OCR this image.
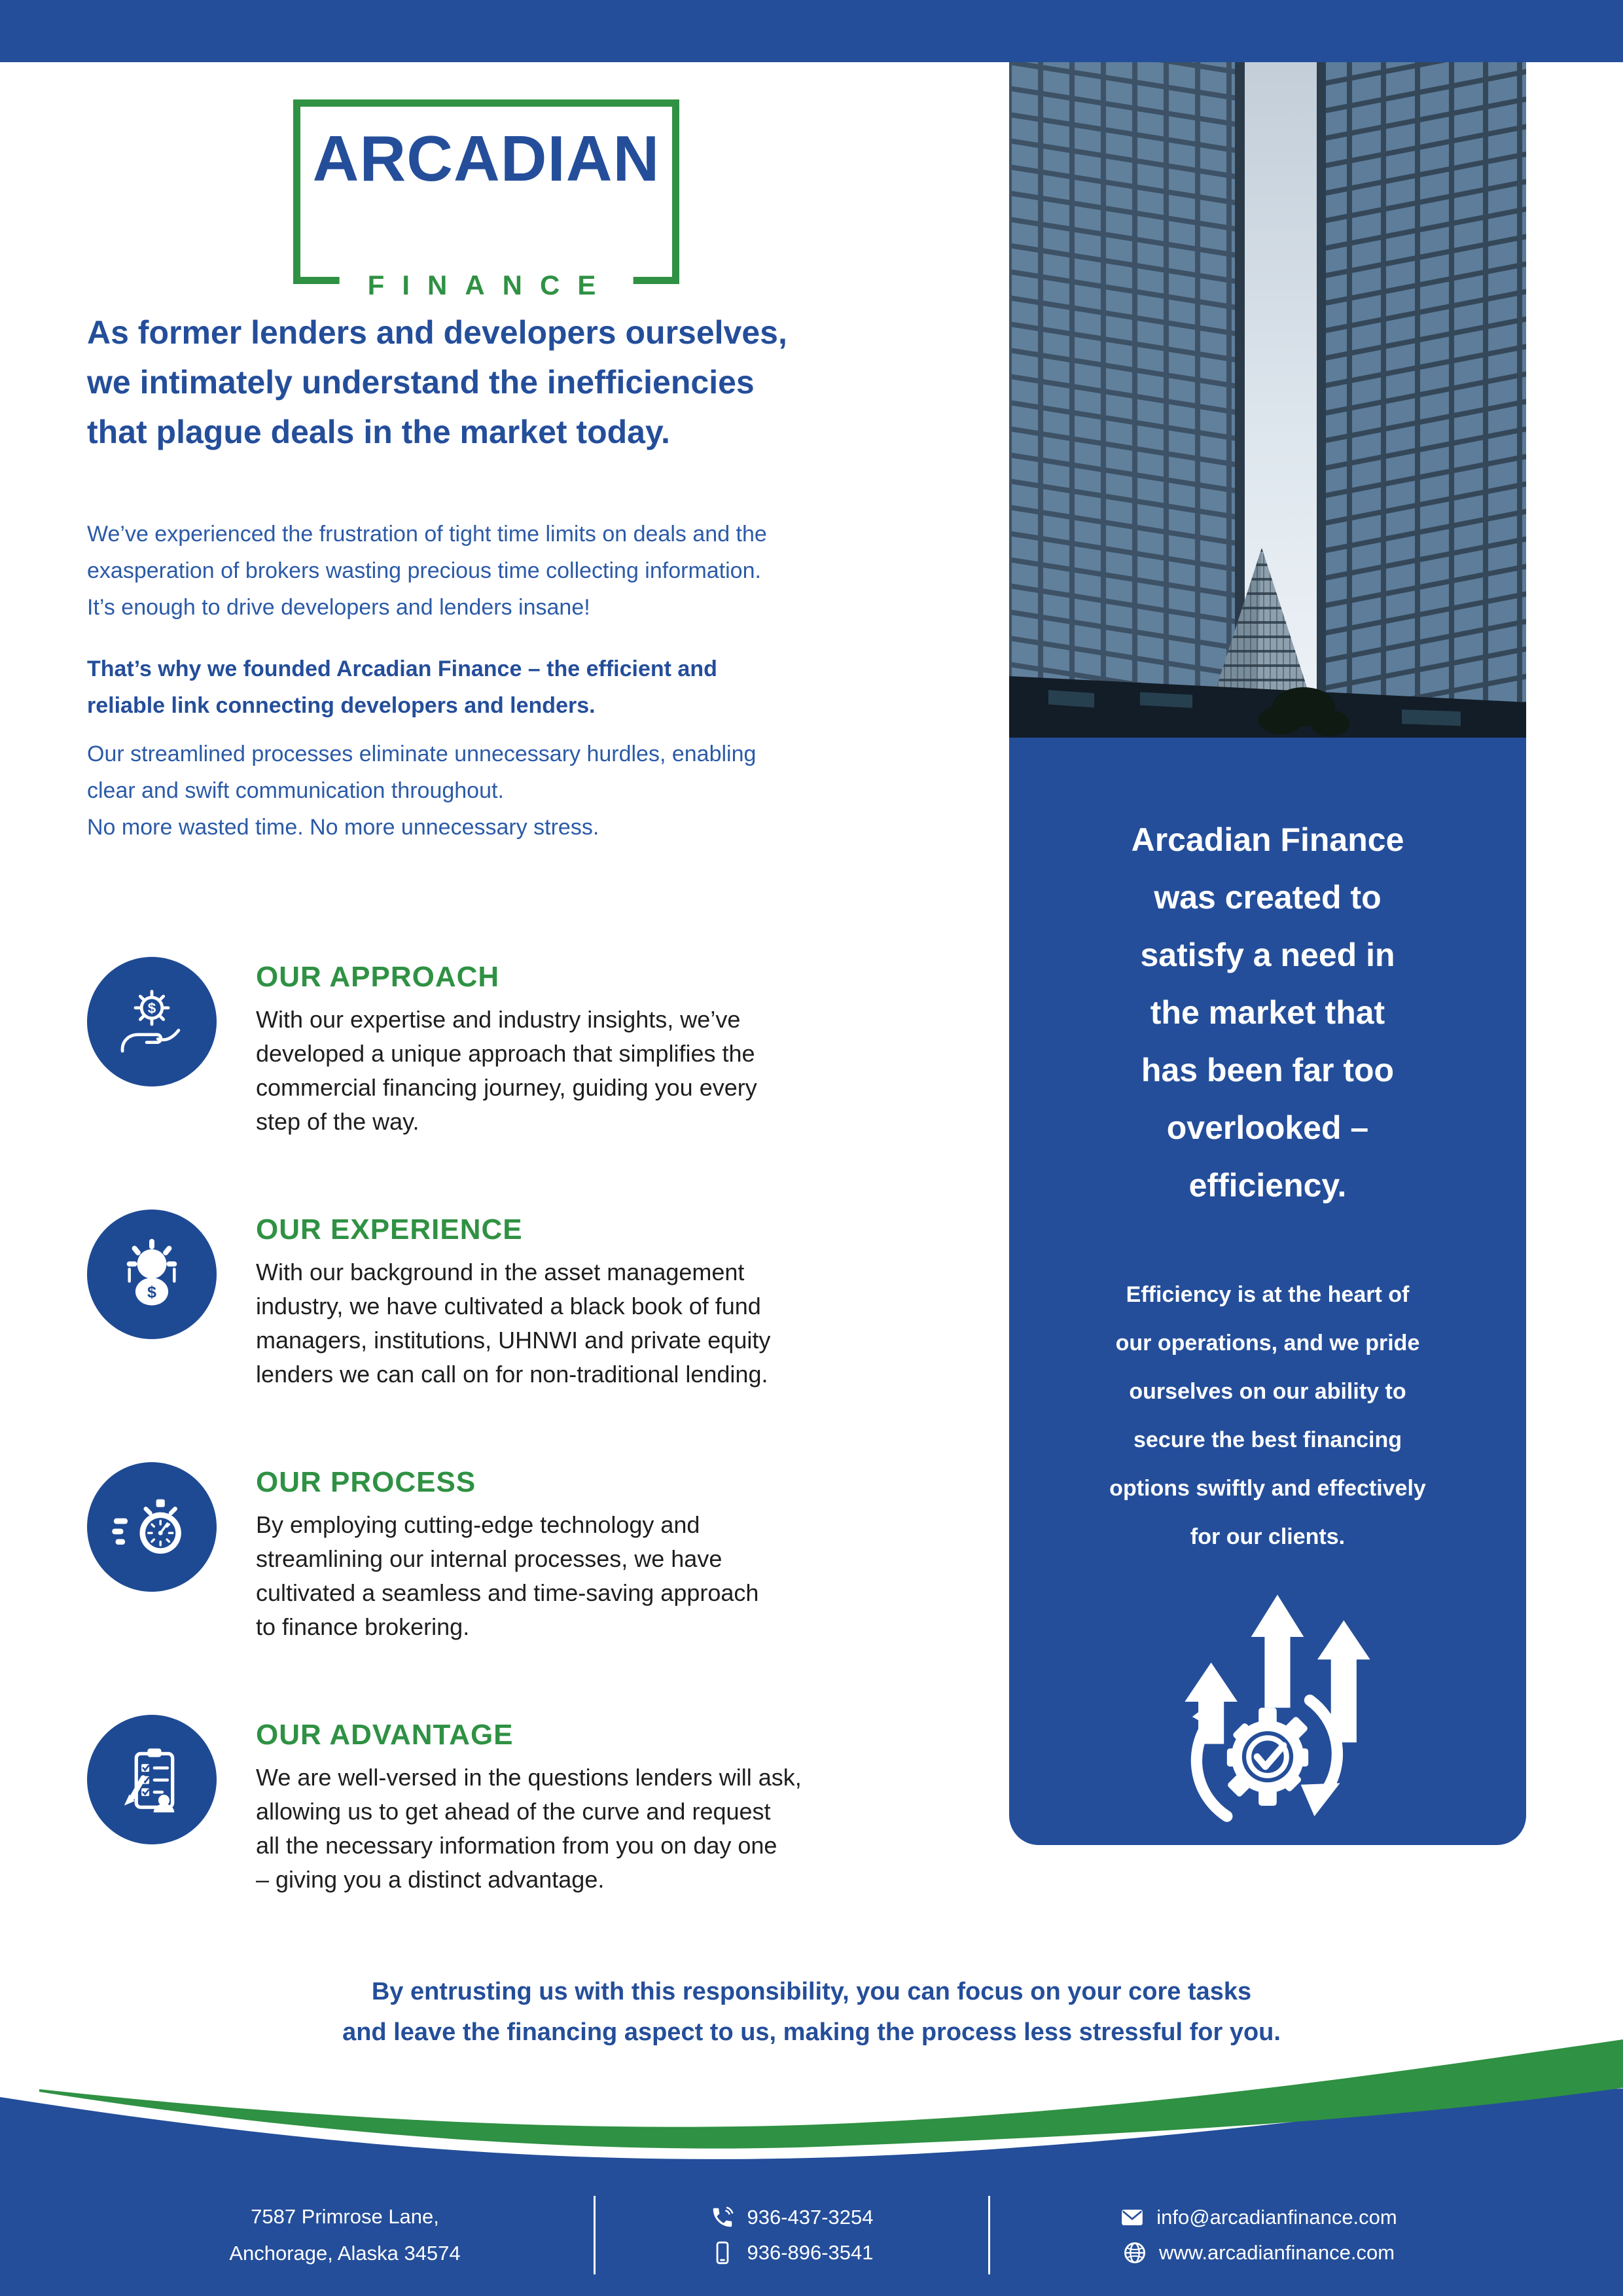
ARCADIAN
FINANCE
As former lenders and developers ourselves,
we intimately understand the inefficiencies
that plague deals in the market today.
We’ve experienced the frustration of tight time limits on deals and the
exasperation of brokers wasting precious time collecting information.
It’s enough to drive developers and lenders insane!
That’s why we founded Arcadian Finance – the efficient and
reliable link connecting developers and lenders.
Our streamlined processes eliminate unnecessary hurdles, enabling
clear and swift communication throughout.
No more wasted time. No more unnecessary stress.
$
OUR APPROACH
With our expertise and industry insights, we’ve
developed a unique approach that simplifies the
commercial financing journey, guiding you every
step of the way.
$
OUR EXPERIENCE
With our background in the asset management
industry, we have cultivated a black book of fund
managers, institutions, UHNWI and private equity
lenders we can call on for non-traditional lending.
OUR PROCESS
By employing cutting-edge technology and
streamlining our internal processes, we have
cultivated a seamless and time-saving approach
to finance brokering.
OUR ADVANTAGE
We are well-versed in the questions lenders will ask,
allowing us to get ahead of the curve and request
all the necessary information from you on day one
– giving you a distinct advantage.
Arcadian Finance
was created to
satisfy a need in
the market that
has been far too
overlooked –
efficiency.
Efficiency is at the heart of
our operations, and we pride
ourselves on our ability to
secure the best financing
options swiftly and effectively
for our clients.
By entrusting us with this responsibility, you can focus on your core tasks
and leave the financing aspect to us, making the process less stressful for you.
7587 Primrose Lane,
Anchorage, Alaska 34574
936-437-3254
936-896-3541
info@arcadianfinance.com
www.arcadianfinance.com
